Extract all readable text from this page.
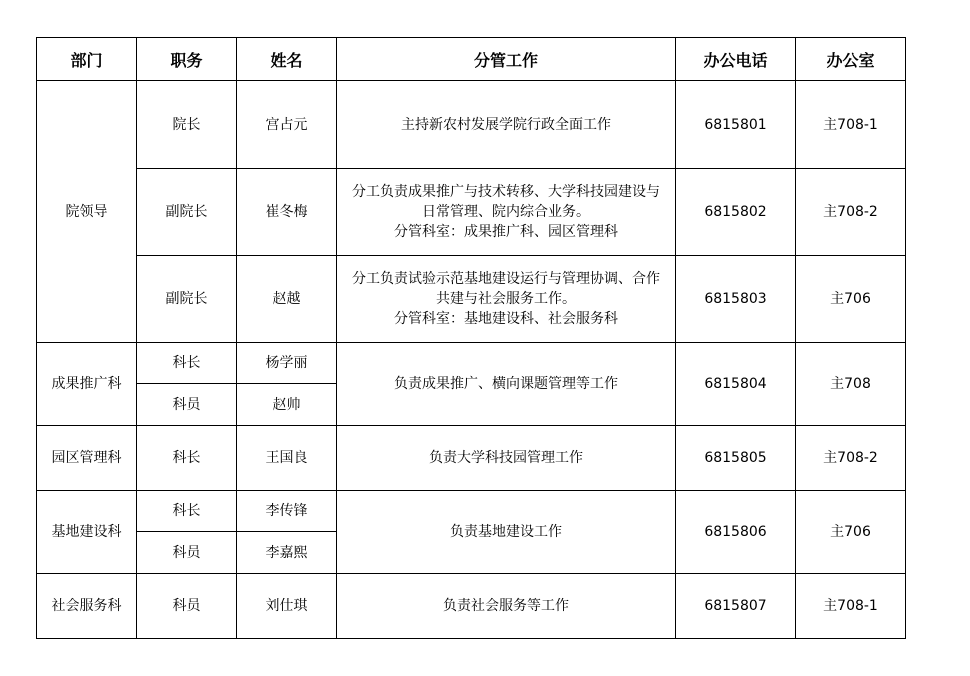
部门	职务	姓名	分管工作	办公电话	办公室
院领导	院长	宫占元	主持新农村发展学院行政全面工作	6815801	主708-1
	副院长	崔冬梅	分工负责成果推广与技术转移、大学科技园建设与
日常管理、院内综合业务。
分管科室：成果推广科、园区管理科	6815802	主708-2
	副院长	赵越	分工负责试验示范基地建设运行与管理协调、合作
共建与社会服务工作。
分管科室：基地建设科、社会服务科	6815803	主706
成果推广科	科长	杨学丽	负责成果推广、横向课题管理等工作	6815804	主708
	科员	赵帅			
园区管理科	科长	王国良	负责大学科技园管理工作	6815805	主708-2
基地建设科	科长	李传锋	负责基地建设工作	6815806	主706
	科员	李嘉熙			
社会服务科	科员	刘仕琪	负责社会服务等工作	6815807	主708-1
